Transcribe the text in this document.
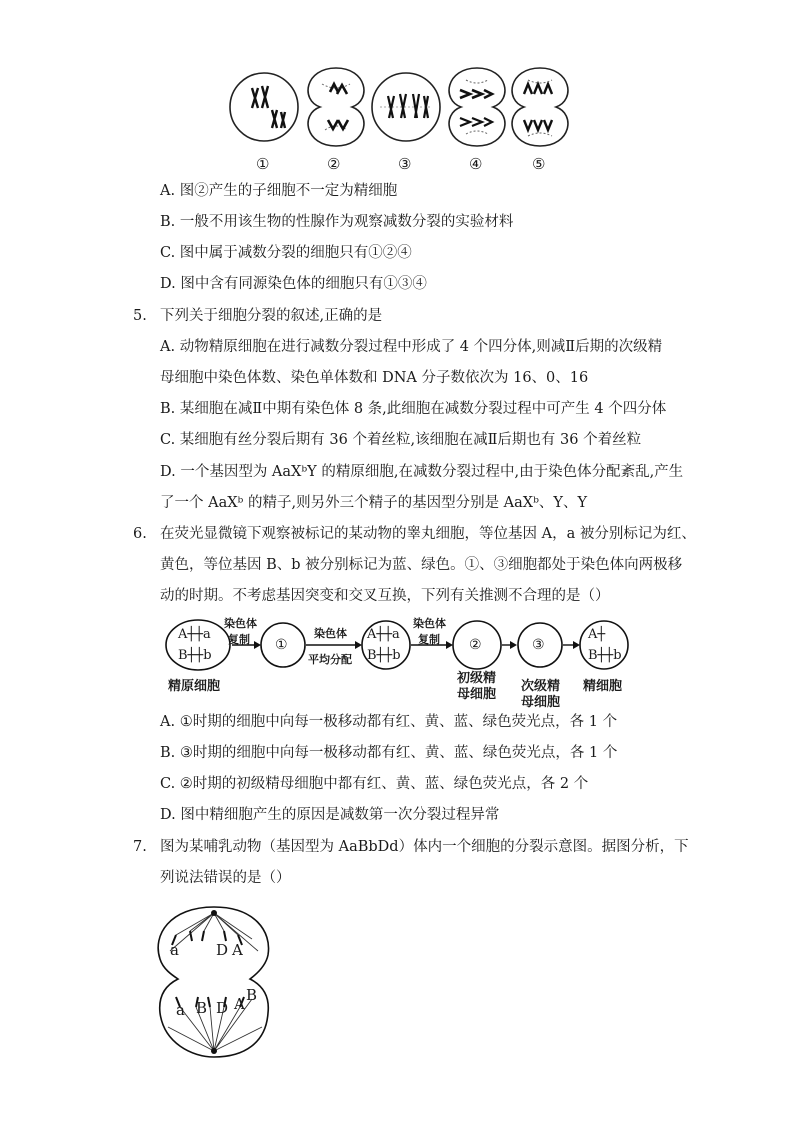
①	②	③	④	⑤
A. 图②产生的子细胞不一定为精细胞
B. 一般不用该生物的性腺作为观察减数分裂的实验材料
C. 图中属于减数分裂的细胞只有①②④
D. 图中含有同源染色体的细胞只有①③④
5. 下列关于细胞分裂的叙述,正确的是
A. 动物精原细胞在进行减数分裂过程中形成了 4 个四分体,则减Ⅱ后期的次级精
母细胞中染色体数、染色单体数和 DNA 分子数依次为 16、0、16
B. 某细胞在减Ⅱ中期有染色体 8 条,此细胞在减数分裂过程中可产生 4 个四分体
C. 某细胞有丝分裂后期有 36 个着丝粒,该细胞在减Ⅱ后期也有 36 个着丝粒
D. 一个基因型为 AaXᵇY 的精原细胞,在减数分裂过程中,由于染色体分配紊乱,产生
了一个 AaXᵇ 的精子,则另外三个精子的基因型分别是 AaXᵇ、Y、Y
6. 在荧光显微镜下观察被标记的某动物的睾丸细胞，等位基因 A，a 被分别标记为红、
黄色，等位基因 B、b 被分别标记为蓝、绿色。①、③细胞都处于染色体向两极移
动的时期。不考虑基因突变和交叉互换，下列有关推测不合理的是（）
A┼┼a
B┼┼b
染色体
复制 ①
染色体
平均分配
A┼┼a
B┼┼b
染色体
复制 ②	③
A┼
B┼┼b
精原细胞
初级精
母细胞
次级精
母细胞
精细胞
A. ①时期的细胞中向每一极移动都有红、黄、蓝、绿色荧光点，各 1 个
B. ③时期的细胞中向每一极移动都有红、黄、蓝、绿色荧光点，各 1 个
C. ②时期的初级精母细胞中都有红、黄、蓝、绿色荧光点，各 2 个
D. 图中精细胞产生的原因是减数第一次分裂过程异常
7. 图为某哺乳动物（基因型为 AaBbDd）体内一个细胞的分裂示意图。据图分析，下
列说法错误的是（）
a D A
a B D A B
